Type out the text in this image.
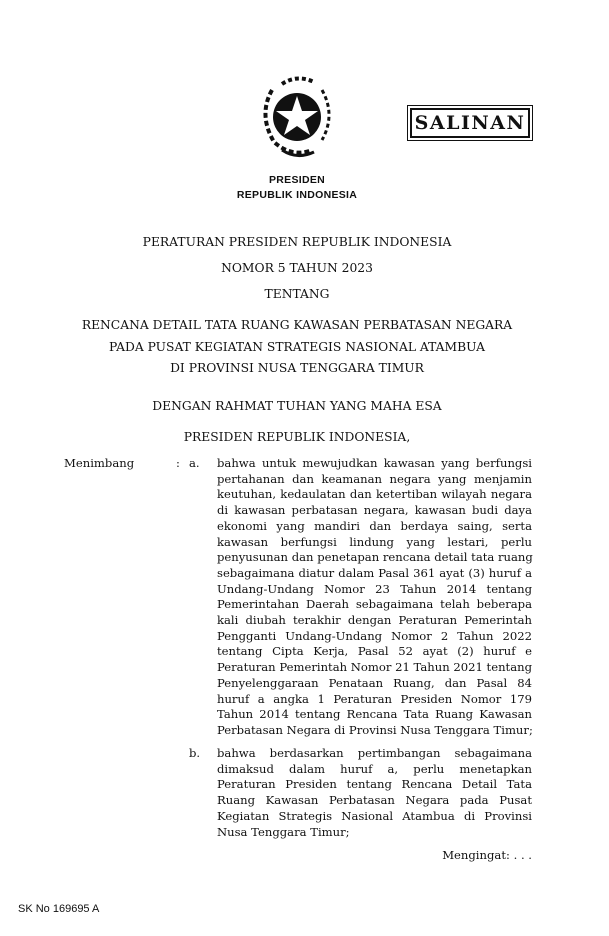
SALINAN
PRESIDEN
REPUBLIK INDONESIA
PERATURAN PRESIDEN REPUBLIK INDONESIA
NOMOR 5 TAHUN 2023
TENTANG
RENCANA DETAIL TATA RUANG KAWASAN PERBATASAN NEGARA
PADA PUSAT KEGIATAN STRATEGIS NASIONAL ATAMBUA
DI PROVINSI NUSA TENGGARA TIMUR
DENGAN RAHMAT TUHAN YANG MAHA ESA
PRESIDEN REPUBLIK INDONESIA,
Menimbang	: a. bahwa untuk mewujudkan kawasan yang berfungsi
pertahanan dan keamanan negara yang menjamin
keutuhan, kedaulatan dan ketertiban wilayah negara
di kawasan perbatasan negara, kawasan budi daya
ekonomi yang mandiri dan berdaya saing, serta
kawasan berfungsi lindung yang lestari, perlu
penyusunan dan penetapan rencana detail tata ruang
sebagaimana diatur dalam Pasal 361 ayat (3) huruf a
Undang-Undang Nomor 23 Tahun 2014 tentang
Pemerintahan Daerah sebagaimana telah beberapa
kali diubah terakhir dengan Peraturan Pemerintah
Pengganti Undang-Undang Nomor 2 Tahun 2022
tentang Cipta Kerja, Pasal 52 ayat (2) huruf e
Peraturan Pemerintah Nomor 21 Tahun 2021 tentang
Penyelenggaraan Penataan Ruang, dan Pasal 84
huruf a angka 1 Peraturan Presiden Nomor 179
Tahun 2014 tentang Rencana Tata Ruang Kawasan
Perbatasan Negara di Provinsi Nusa Tenggara Timur;
b. bahwa berdasarkan pertimbangan sebagaimana
dimaksud dalam huruf a, perlu menetapkan
Peraturan Presiden tentang Rencana Detail Tata
Ruang Kawasan Perbatasan Negara pada Pusat
Kegiatan Strategis Nasional Atambua di Provinsi
Nusa Tenggara Timur;
Mengingat: . . .
SK No 169695 A
